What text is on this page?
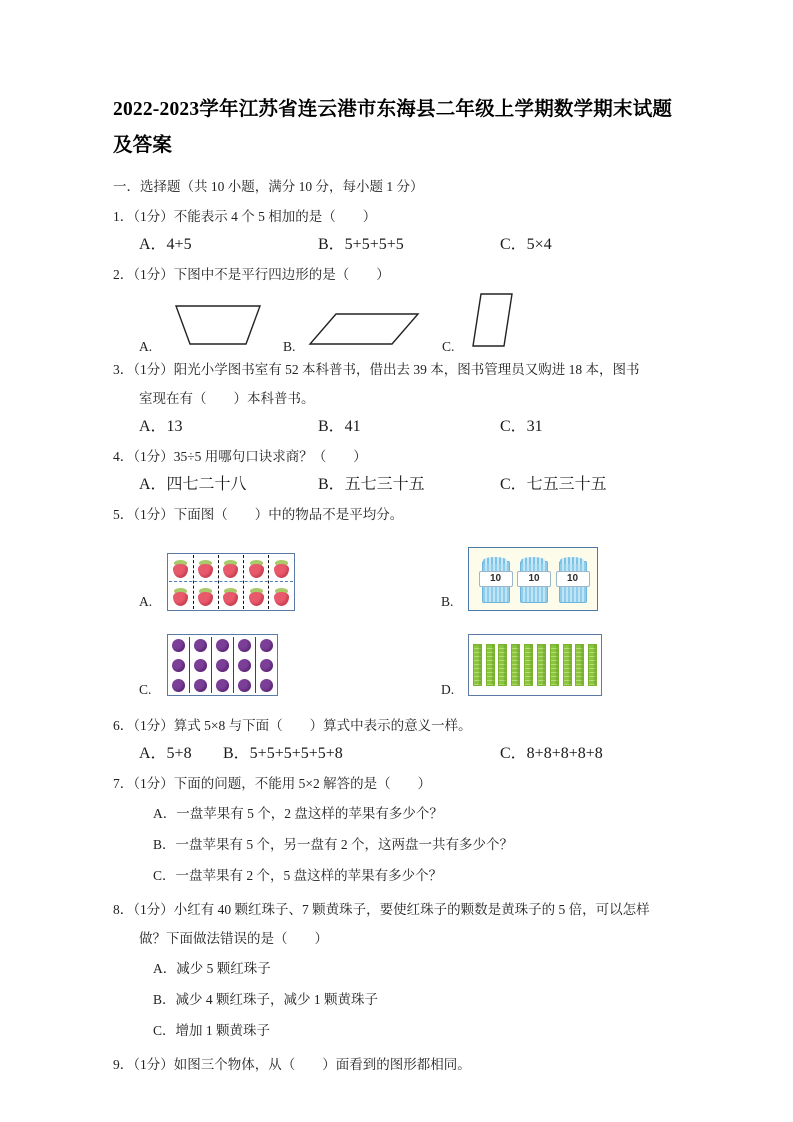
2022-2023学年江苏省连云港市东海县二年级上学期数学期末试题及答案

一．选择题（共 10 小题，满分 10 分，每小题 1 分）

1．（1分）不能表示 4 个 5 相加的是（　　）

A．4+5	B．5+5+5+5	C．5×4

2．（1分）下图中不是平行四边形的是（　　）

A.	B.	C.

3．（1分）阳光小学图书室有 52 本科普书，借出去 39 本，图书管理员又购进 18 本，图书

室现在有（　　）本科普书。

A．13	B．41	C．31

4．（1分）35÷5 用哪句口诀求商？（　　）

A．四七二十八	B．五七三十五	C．七五三十五

5．（1分）下面图（　　）中的物品不是平均分。

A.	B.
10	10	10
C.	D.

6．（1分）算式 5×8 与下面（　　）算式中表示的意义一样。

A．5+8 B．5+5+5+5+5+8	C．8+8+8+8+8

7．（1分）下面的问题，不能用 5×2 解答的是（　　）

A．一盘苹果有 5 个，2 盘这样的苹果有多少个？
B．一盘苹果有 5 个，另一盘有 2 个，这两盘一共有多少个？
C．一盘苹果有 2 个，5 盘这样的苹果有多少个？

8．（1分）小红有 40 颗红珠子、7 颗黄珠子，要使红珠子的颗数是黄珠子的 5 倍，可以怎样

做？下面做法错误的是（　　）

A．减少 5 颗红珠子
B．减少 4 颗红珠子，减少 1 颗黄珠子
C．增加 1 颗黄珠子

9．（1分）如图三个物体，从（　　）面看到的图形都相同。
